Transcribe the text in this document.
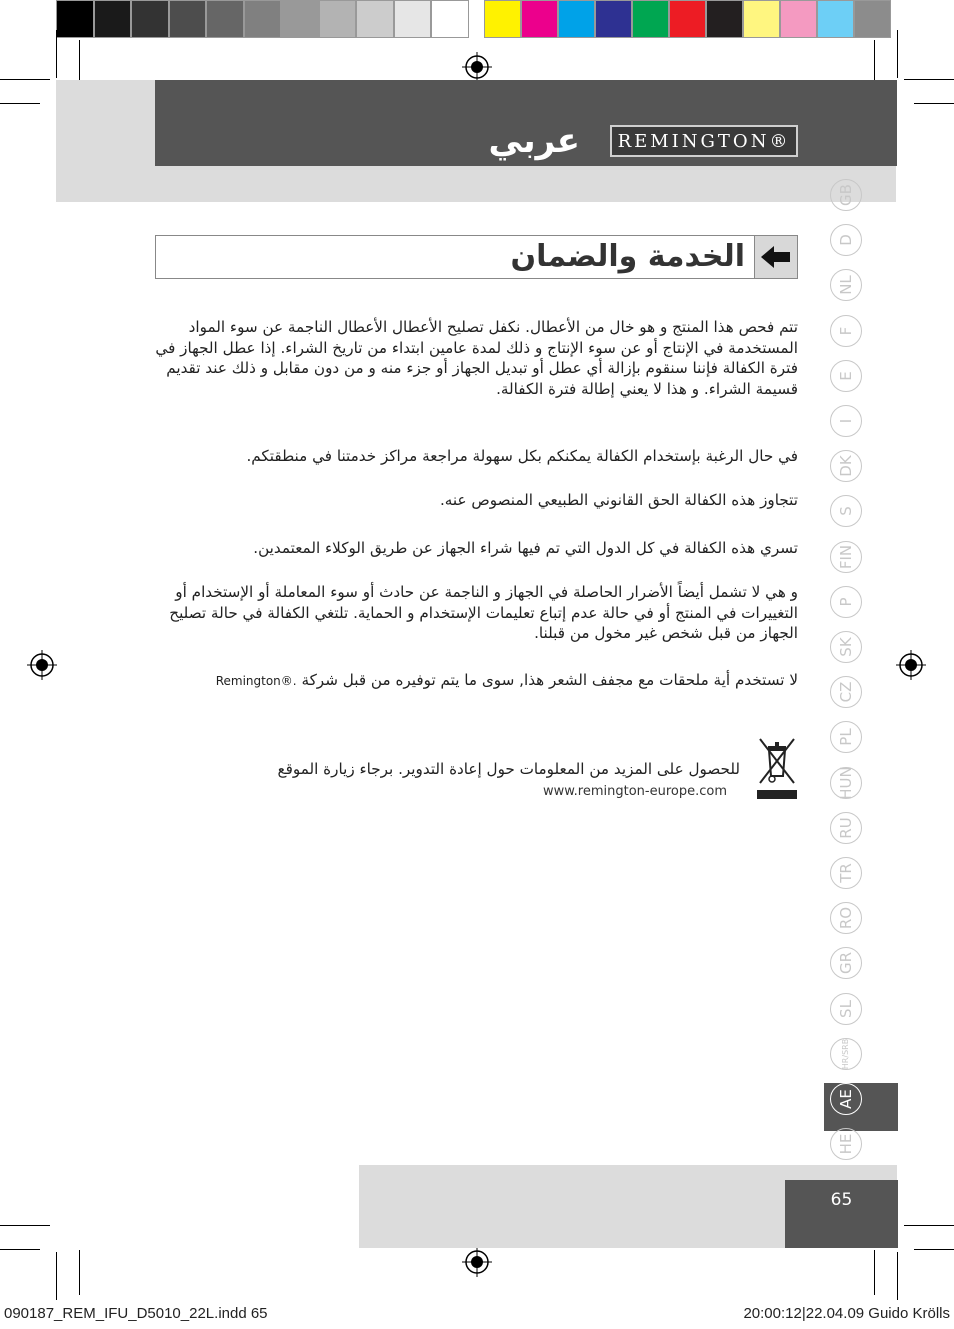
عربي	REMINGTON®
GB
D
NL
F
E
I
DK
S
FIN
P
SK
CZ
PL
HUN
RU
TR
RO
GR
SL
HR/SRB
AE
HE
الخدمة والضمان
تتم فحص هذا المنتج و هو خال من الأعطال. نكفل تصليح الأعطال الأعطال الناجمة عن سوء المواد المستخدمة في الإنتاج أو عن سوء الإنتاج و ذلك لمدة عامين ابتداء من تاريخ الشراء. إذا عطل الجهاز في فترة الكفالة فإننا سنقوم بإزالة أي عطل أو تبديل الجهاز أو جزء منه و من دون مقابل و ذلك عند تقديم قسيمة الشراء. و هذا لا يعني إطالة فترة الكفالة.
في حال الرغبة بإستخدام الكفالة يمكنكم بكل سهولة مراجعة مراكز خدمتنا في منطقتكم.
تتجاوز هذه الكفالة الحق القانوني الطبيعي المنصوص عنه.
تسري هذه الكفالة في كل الدول التي تم فيها شراء الجهاز عن طريق الوكلاء المعتمدين.
و هي لا تشمل أيضاً الأضرار الحاصلة في الجهاز و الناجمة عن حادث أو سوء المعاملة أو الإستخدام أو التغييرات في المنتج أو في حالة عدم إتباع تعليمات الإستخدام و الحماية. تلتغي الكفالة في حالة تصليح الجهاز من قبل شخص غير مخول من قبلنا.
لا تستخدم أية ملحقات مع مجفف الشعر هذا, سوى ما يتم توفيره من قبل شركة Remington®.
للحصول على المزيد من المعلومات حول إعادة التدوير. برجاء زيارة الموقع
www.remington-europe.com
65
090187_REM_IFU_D5010_22L.indd 65	20:00:12|22.04.09 Guido Krölls
